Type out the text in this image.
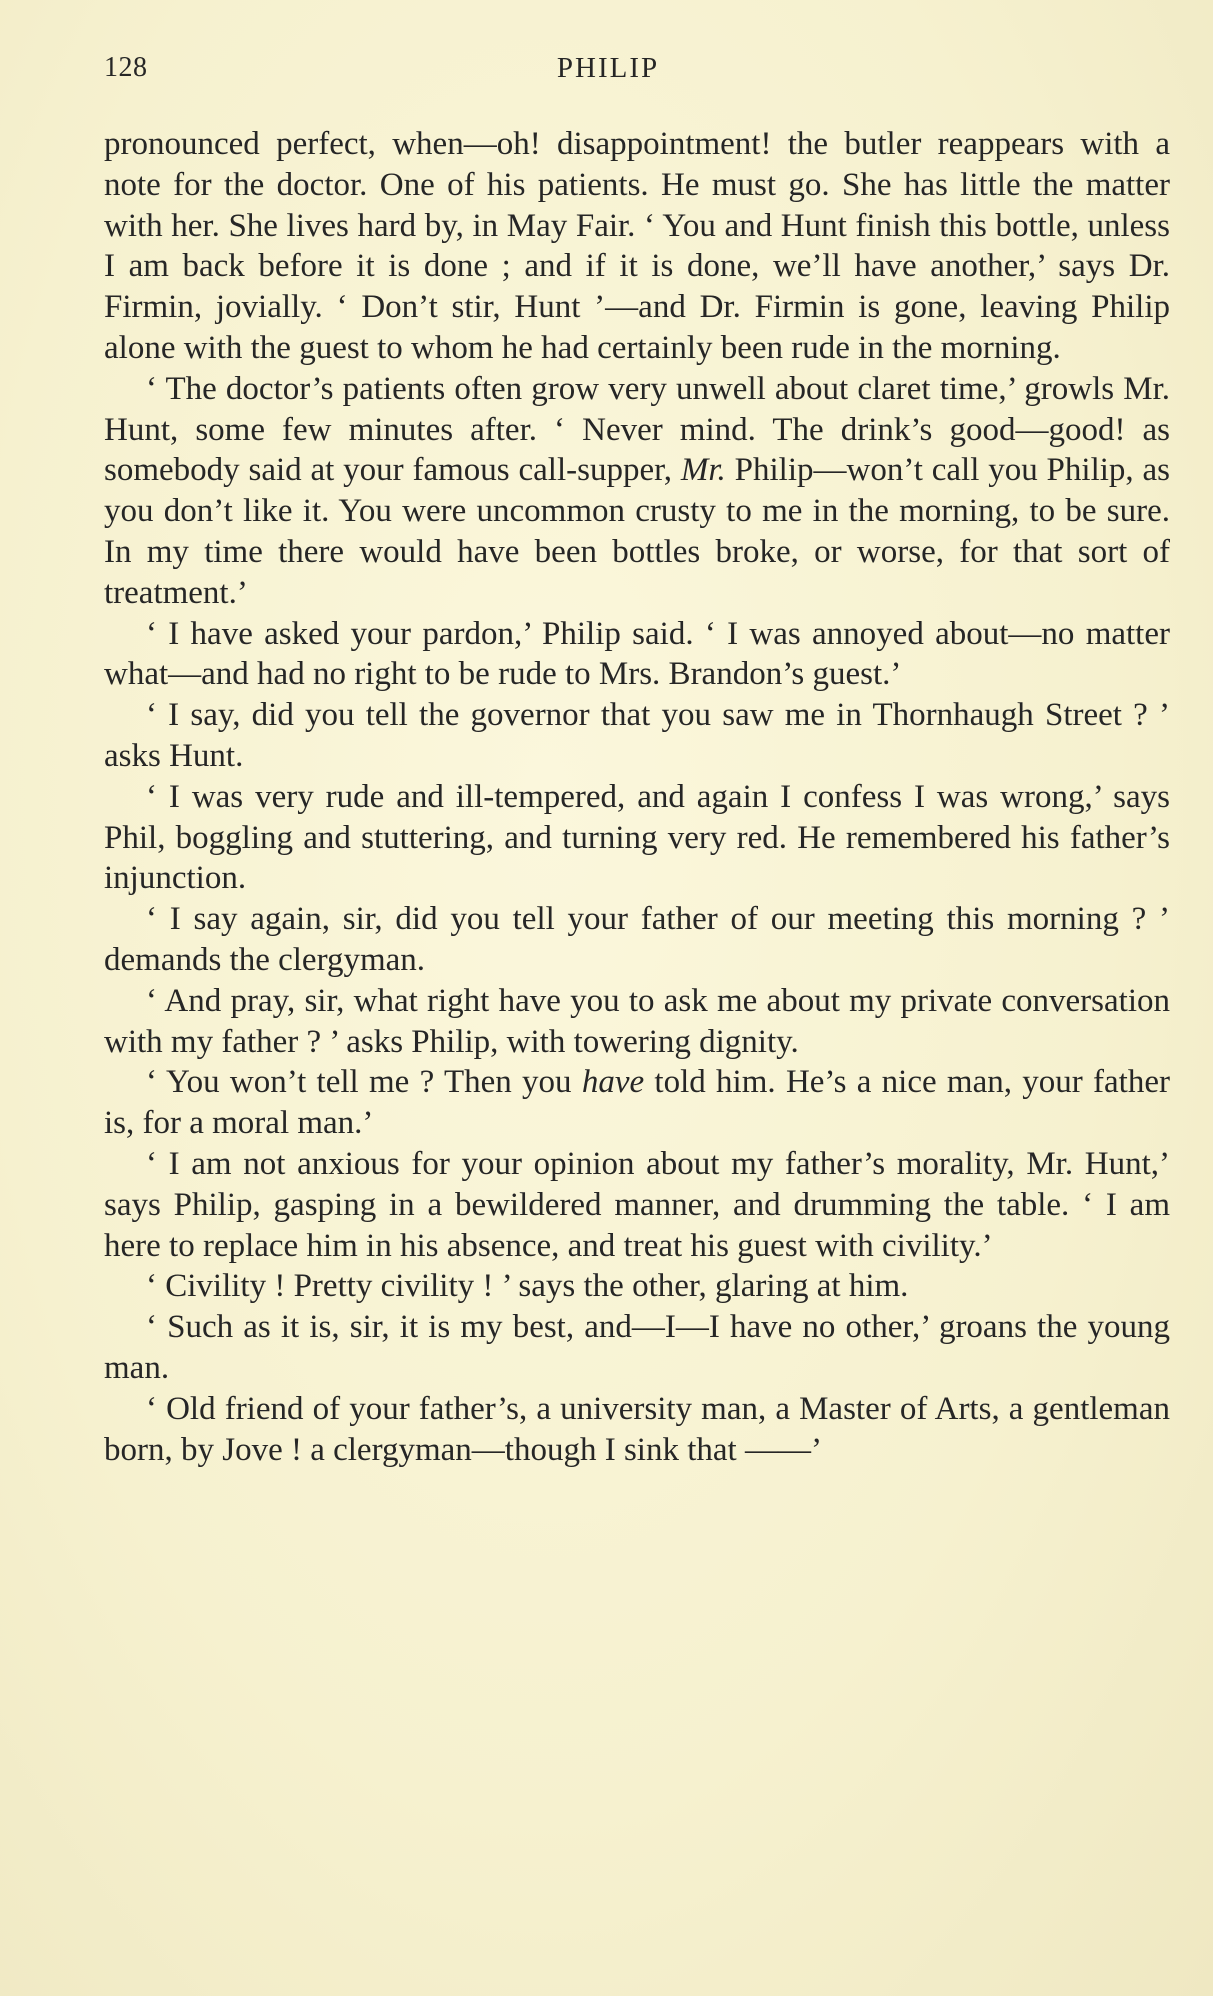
128	PHILIP

pronounced perfect, when—oh! disappointment! the butler reappears with a note for the doctor. One of his patients. He must go. She has little the matter with her. She lives hard by, in May Fair. ‘ You and Hunt finish this bottle, unless I am back before it is done ; and if it is done, we’ll have another,’ says Dr. Firmin, jovially. ‘ Don’t stir, Hunt ’—and Dr. Firmin is gone, leaving Philip alone with the guest to whom he had certainly been rude in the morning.

‘ The doctor’s patients often grow very unwell about claret time,’ growls Mr. Hunt, some few minutes after. ‘ Never mind. The drink’s good—good! as somebody said at your famous call-supper, Mr. Philip—won’t call you Philip, as you don’t like it. You were uncommon crusty to me in the morning, to be sure. In my time there would have been bottles broke, or worse, for that sort of treatment.’

‘ I have asked your pardon,’ Philip said. ‘ I was annoyed about—no matter what—and had no right to be rude to Mrs. Brandon’s guest.’

‘ I say, did you tell the governor that you saw me in Thornhaugh Street ? ’ asks Hunt.

‘ I was very rude and ill-tempered, and again I confess I was wrong,’ says Phil, boggling and stuttering, and turning very red. He remembered his father’s injunction.

‘ I say again, sir, did you tell your father of our meeting this morning ? ’ demands the clergyman.

‘ And pray, sir, what right have you to ask me about my private conversation with my father ? ’ asks Philip, with towering dignity.

‘ You won’t tell me ? Then you have told him. He’s a nice man, your father is, for a moral man.’

‘ I am not anxious for your opinion about my father’s morality, Mr. Hunt,’ says Philip, gasping in a bewildered manner, and drumming the table. ‘ I am here to replace him in his absence, and treat his guest with civility.’

‘ Civility ! Pretty civility ! ’ says the other, glaring at him.

‘ Such as it is, sir, it is my best, and—I—I have no other,’ groans the young man.

‘ Old friend of your father’s, a university man, a Master of Arts, a gentleman born, by Jove ! a clergyman—though I sink that ——’
